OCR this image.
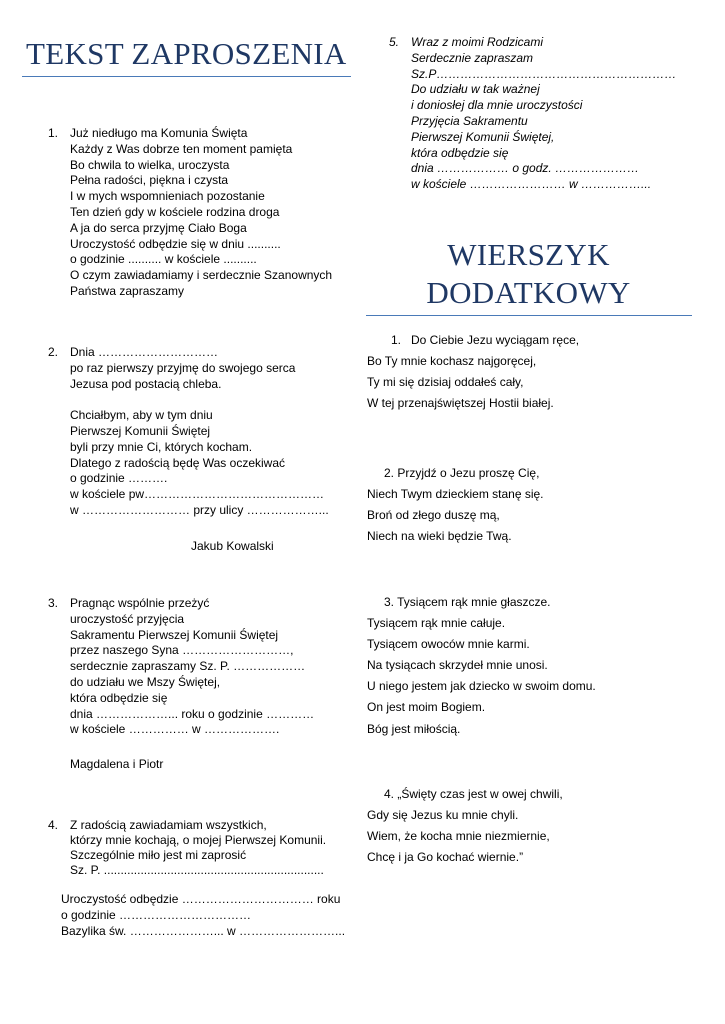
TEKST ZAPROSZENIA
1. Już niedługo ma Komunia Święta
Każdy z Was dobrze ten moment pamięta
Bo chwila to wielka, uroczysta
Pełna radości, piękna i czysta
I w mych wspomnieniach pozostanie
Ten dzień gdy w kościele rodzina droga
A ja do serca przyjmę Ciało Boga
Uroczystość odbędzie się w dniu ..........
o godzinie .......... w kościele ..........
O czym zawiadamiamy i serdecznie Szanownych
Państwa zapraszamy
2. Dnia …………………………
po raz pierwszy przyjmę do swojego serca
Jezusa pod postacią chleba.
Chciałbym, aby w tym dniu
Pierwszej Komunii Świętej
byli przy mnie Ci, których kocham.
Dlatego z radością będę Was oczekiwać
o godzinie ……….
w kościele pw………………………………………
w ……………………… przy ulicy ………………...
Jakub Kowalski
3. Pragnąc wspólnie przeżyć
uroczystość przyjęcia
Sakramentu Pierwszej Komunii Świętej
przez naszego Syna ………………………,
serdecznie zapraszamy Sz. P. ………………
do udziału we Mszy Świętej,
która odbędzie się
dnia ………………... roku o godzinie …………
w kościele …………… w ……………….
Magdalena i Piotr
4. Z radością zawiadamiam wszystkich,
którzy mnie kochają, o mojej Pierwszej Komunii.
Szczególnie miło jest mi zaprosić
Sz. P. ..................................................................
Uroczystość odbędzie …………………………… roku
o godzinie ……………………………
Bazylika św. …………………... w ……………………...
5. Wraz z moimi Rodzicami
Serdecznie zapraszam
Sz.P……………………………………………………
Do udziału w tak ważnej
i doniosłej dla mnie uroczystości
Przyjęcia Sakramentu
Pierwszej Komunii Świętej,
która odbędzie się
dnia ……………… o godz. …………………
w kościele …………………… w ……………...
WIERSZYK
DODATKOWY
1. Do Ciebie Jezu wyciągam ręce,
Bo Ty mnie kochasz najgoręcej,
Ty mi się dzisiaj oddałeś cały,
W tej przenajświętszej Hostii białej.
2. Przyjdź o Jezu proszę Cię,
Niech Twym dzieckiem stanę się.
Broń od złego duszę mą,
Niech na wieki będzie Twą.
3. Tysiącem rąk mnie głaszcze.
Tysiącem rąk mnie całuje.
Tysiącem owoców mnie karmi.
Na tysiącach skrzydeł mnie unosi.
U niego jestem jak dziecko w swoim domu.
On jest moim Bogiem.
Bóg jest miłością.
4. „Święty czas jest w owej chwili,
Gdy się Jezus ku mnie chyli.
Wiem, że kocha mnie niezmiernie,
Chcę i ja Go kochać wiernie.”
